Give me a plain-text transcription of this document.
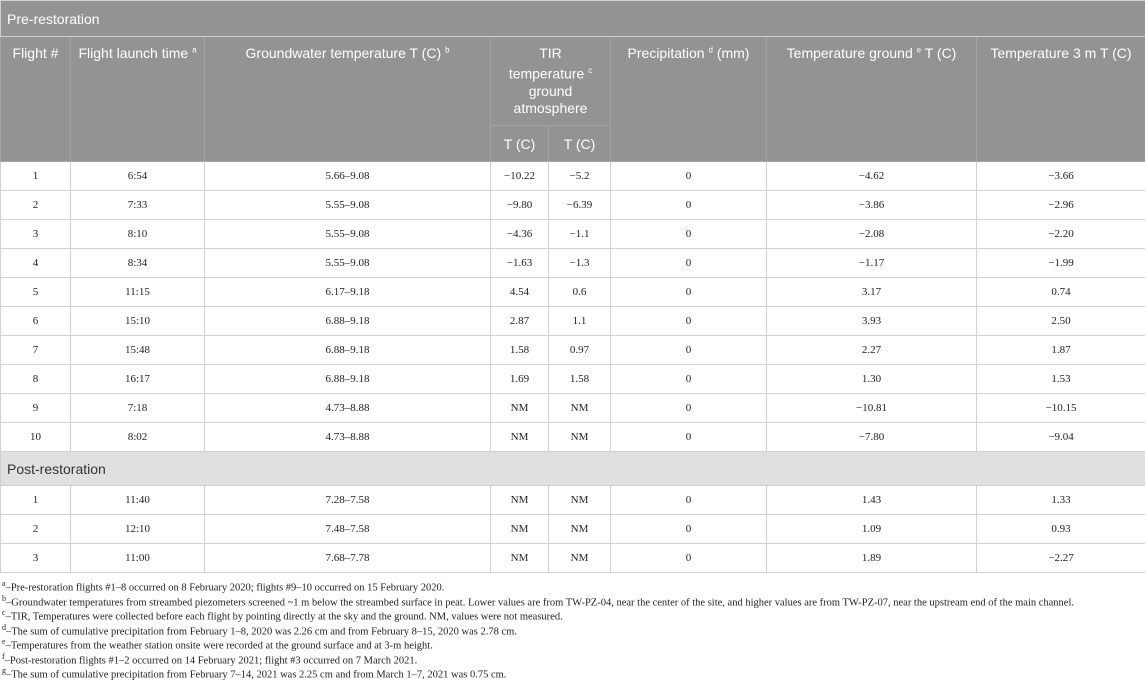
Pre-restoration							
Flight #	Flight launch time $^a$	Groundwater temperature T (C) $^b$	TIR
temperature $^c$
ground
atmosphere		Precipitation $^d$ (mm)	Temperature ground $^e$ T (C)	Temperature 3 m T (C)
			T (C)	T (C)			
1	6:54	5.66–9.08	−10.22	−5.2	0	−4.62	−3.66
2	7:33	5.55–9.08	−9.80	−6.39	0	−3.86	−2.96
3	8:10	5.55–9.08	−4.36	−1.1	0	−2.08	−2.20
4	8:34	5.55–9.08	−1.63	−1.3	0	−1.17	−1.99
5	11:15	6.17–9.18	4.54	0.6	0	3.17	0.74
6	15:10	6.88–9.18	2.87	1.1	0	3.93	2.50
7	15:48	6.88–9.18	1.58	0.97	0	2.27	1.87
8	16:17	6.88–9.18	1.69	1.58	0	1.30	1.53
9	7:18	4.73–8.88	NM	NM	0	−10.81	−10.15
10	8:02	4.73–8.88	NM	NM	0	−7.80	−9.04
Post-restoration							
1	11:40	7.28–7.58	NM	NM	0	1.43	1.33
2	12:10	7.48–7.58	NM	NM	0	1.09	0.93
3	11:00	7.68–7.78	NM	NM	0	1.89	−2.27
$^a$–Pre-restoration flights #1–8 occurred on 8 February 2020; flights #9–10 occurred on 15 February 2020.
$^b$–Groundwater temperatures from streambed piezometers screened ~1 m below the streambed surface in peat. Lower values are from TW-PZ-04, near the center of the site, and higher values are from TW-PZ-07, near the upstream end of the main channel.
$^c$–TIR, Temperatures were collected before each flight by pointing directly at the sky and the ground. NM, values were not measured.
$^d$–The sum of cumulative precipitation from February 1–8, 2020 was 2.26 cm and from February 8–15, 2020 was 2.78 cm.
$^e$–Temperatures from the weather station onsite were recorded at the ground surface and at 3-m height.
$^f$–Post-restoration flights #1–2 occurred on 14 February 2021; flight #3 occurred on 7 March 2021.
$^g$–The sum of cumulative precipitation from February 7–14, 2021 was 2.25 cm and from March 1–7, 2021 was 0.75 cm.
